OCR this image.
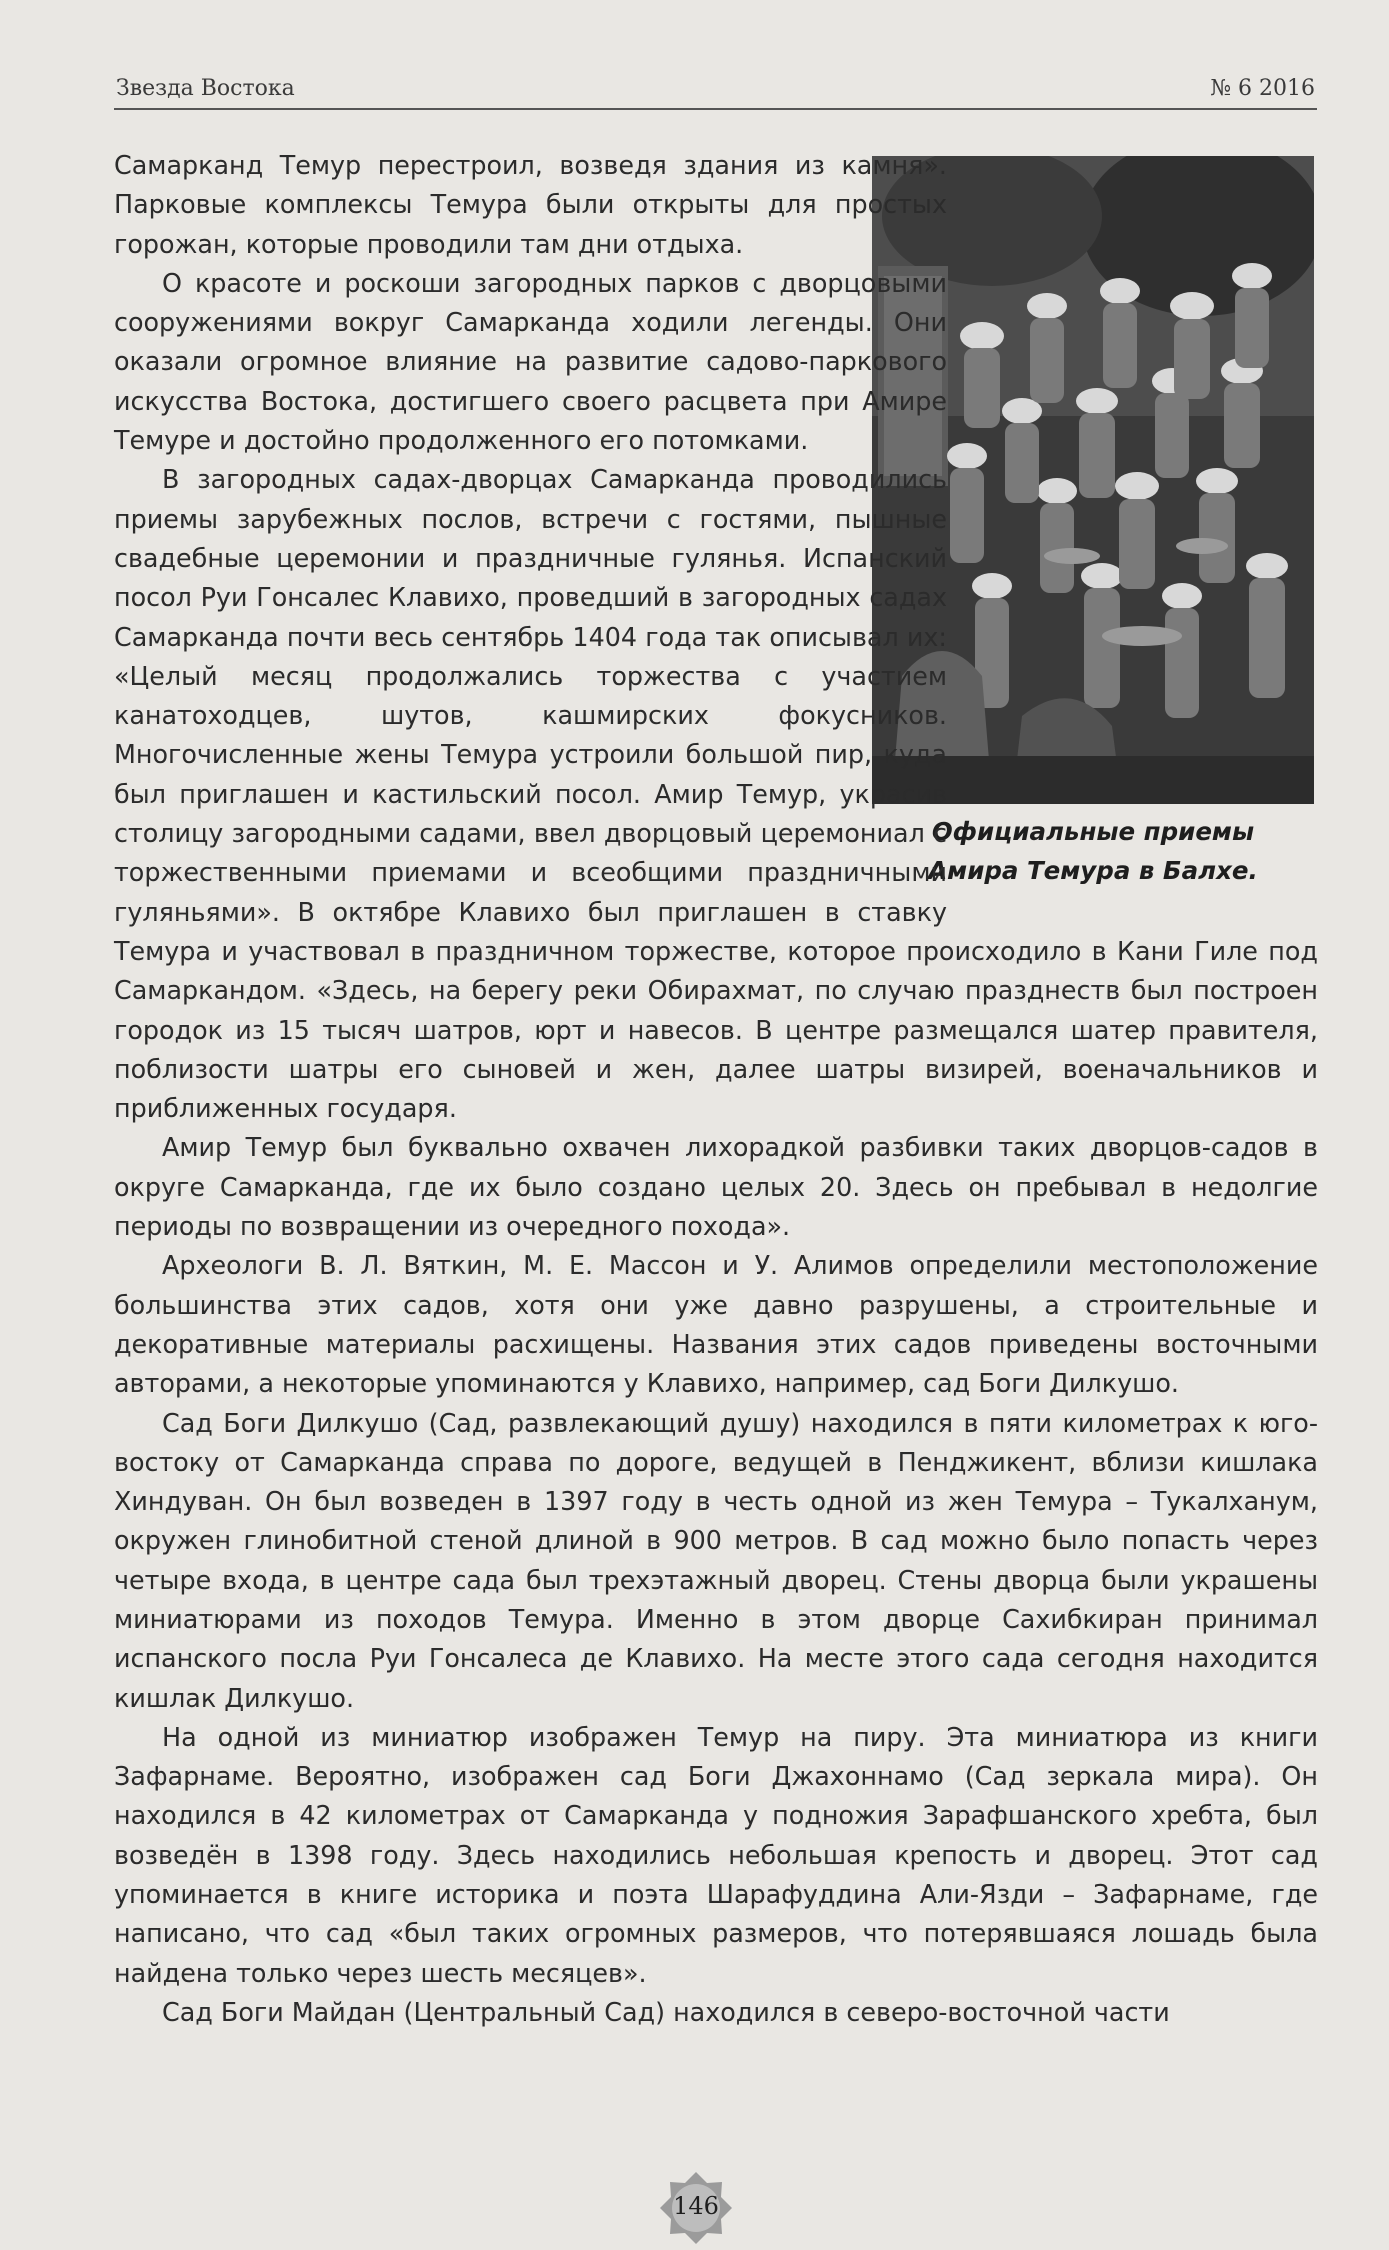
Звезда Востока	№ 6 2016
Официальные приемы
Амира Темура в Балхе.

Самарканд Темур перестроил, возведя здания из камня». Парковые комплексы Темура были открыты для простых горожан, которые проводили там дни отдыха.

О красоте и роскоши загородных парков с дворцовыми сооружениями вокруг Самарканда ходили легенды. Они оказали огромное влияние на развитие садово-паркового искусства Востока, достигшего своего расцвета при Амире Темуре и достойно продолженного его потомками.

В загородных садах-дворцах Самарканда проводились приемы зарубежных послов, встречи с гостями, пышные свадебные церемонии и праздничные гулянья. Испанский посол Руи Гонсалес Клавихо, проведший в загородных садах Самарканда почти весь сентябрь 1404 года так описывал их: «Целый месяц продолжались торжества с участием канатоходцев, шутов, кашмирских фокусников. Многочисленные жены Темура устроили большой пир, куда был приглашен и кастильский посол. Амир Темур, украсив столицу загородными садами, ввел дворцовый церемониал с торжественными приемами и всеобщими праздничными гуляньями». В октябре Клавихо был приглашен в ставку Темура и участвовал в праздничном торжестве, которое происходило в Кани Гиле под Самаркандом. «Здесь, на берегу реки Обирахмат, по случаю празднеств был построен городок из 15 тысяч шатров, юрт и навесов. В центре размещался шатер правителя, поблизости шатры его сыновей и жен, далее шатры визирей, военачальников и приближенных государя.

Амир Темур был буквально охвачен лихорадкой разбивки таких дворцов-садов в округе Самарканда, где их было создано целых 20. Здесь он пребывал в недолгие периоды по возвращении из очередного похода».

Археологи В. Л. Вяткин, М. Е. Массон и У. Алимов определили местоположение большинства этих садов, хотя они уже давно разрушены, а строительные и декоративные материалы расхищены. Названия этих садов приведены восточными авторами, а некоторые упоминаются у Клавихо, например, сад Боги Дилкушо.

Сад Боги Дилкушо (Сад, развлекающий душу) находился в пяти километрах к юго-востоку от Самарканда справа по дороге, ведущей в Пенджикент, вблизи кишлака Хиндуван. Он был возведен в 1397 году в честь одной из жен Темура – Тукалханум, окружен глинобитной стеной длиной в 900 метров. В сад можно было попасть через четыре входа, в центре сада был трехэтажный дворец. Стены дворца были украшены миниатюрами из походов Темура. Именно в этом дворце Сахибкиран принимал испанского посла Руи Гонсалеса де Клавихо. На месте этого сада сегодня находится кишлак Дилкушо.

На одной из миниатюр изображен Темур на пиру. Эта миниатюра из книги Зафарнаме. Вероятно, изображен сад Боги Джахоннамо (Сад зеркала мира). Он находился в 42 километрах от Самарканда у подножия Зарафшанского хребта, был возведён в 1398 году. Здесь находились небольшая крепость и дворец. Этот сад упоминается в книге историка и поэта Шарафуддина Али-Язди – Зафарнаме, где написано, что сад «был таких огромных размеров, что потерявшаяся лошадь была найдена только через шесть месяцев».

Сад Боги Майдан (Центральный Сад) находился в северо-восточной части

146
